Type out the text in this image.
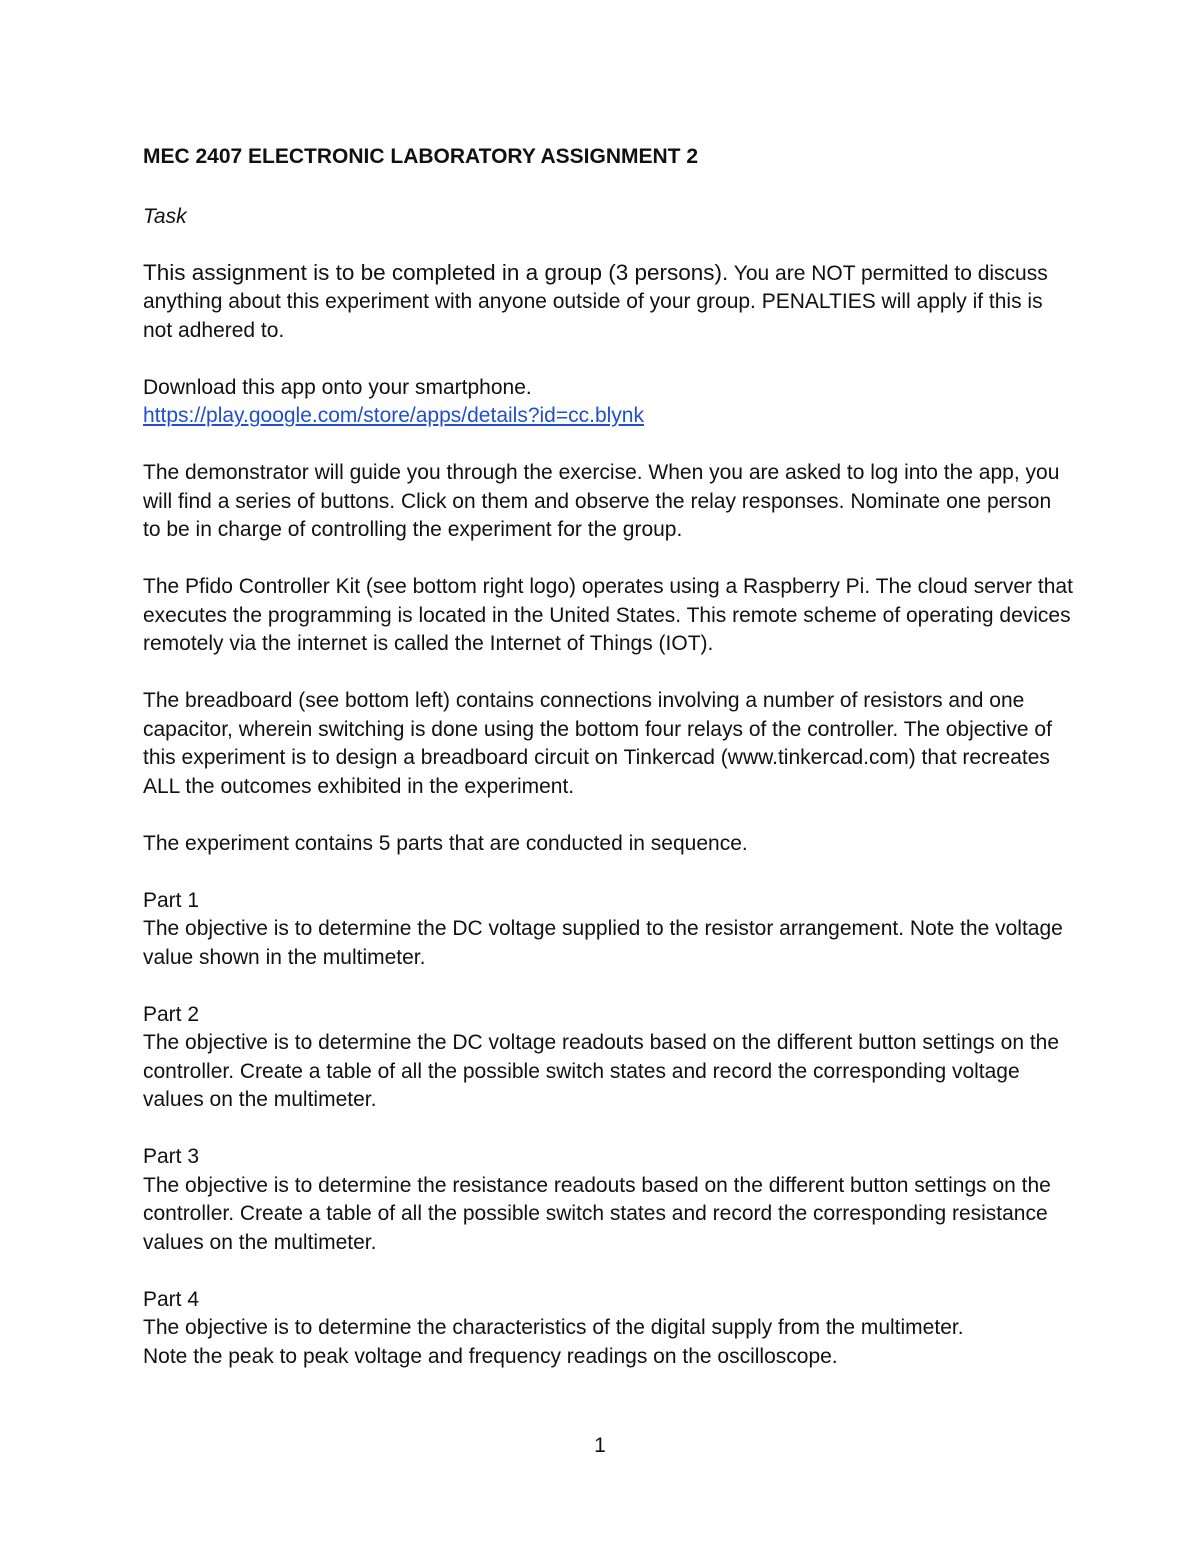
MEC 2407 ELECTRONIC LABORATORY ASSIGNMENT 2

Task

This assignment is to be completed in a group (3 persons). You are NOT permitted to discuss anything about this experiment with anyone outside of your group. PENALTIES will apply if this is not adhered to.

Download this app onto your smartphone.

https://play.google.com/store/apps/details?id=cc.blynk

The demonstrator will guide you through the exercise. When you are asked to log into the app, you will find a series of buttons. Click on them and observe the relay responses. Nominate one person to be in charge of controlling the experiment for the group.

The Pfido Controller Kit (see bottom right logo) operates using a Raspberry Pi. The cloud server that executes the programming is located in the United States. This remote scheme of operating devices remotely via the internet is called the Internet of Things (IOT).

The breadboard (see bottom left) contains connections involving a number of resistors and one capacitor, wherein switching is done using the bottom four relays of the controller. The objective of this experiment is to design a breadboard circuit on Tinkercad (www.tinkercad.com) that recreates ALL the outcomes exhibited in the experiment.

The experiment contains 5 parts that are conducted in sequence.

Part 1

The objective is to determine the DC voltage supplied to the resistor arrangement. Note the voltage value shown in the multimeter.

Part 2

The objective is to determine the DC voltage readouts based on the different button settings on the controller. Create a table of all the possible switch states and record the corresponding voltage values on the multimeter.

Part 3

The objective is to determine the resistance readouts based on the different button settings on the controller. Create a table of all the possible switch states and record the corresponding resistance values on the multimeter.

Part 4

The objective is to determine the characteristics of the digital supply from the multimeter.

Note the peak to peak voltage and frequency readings on the oscilloscope.

1
